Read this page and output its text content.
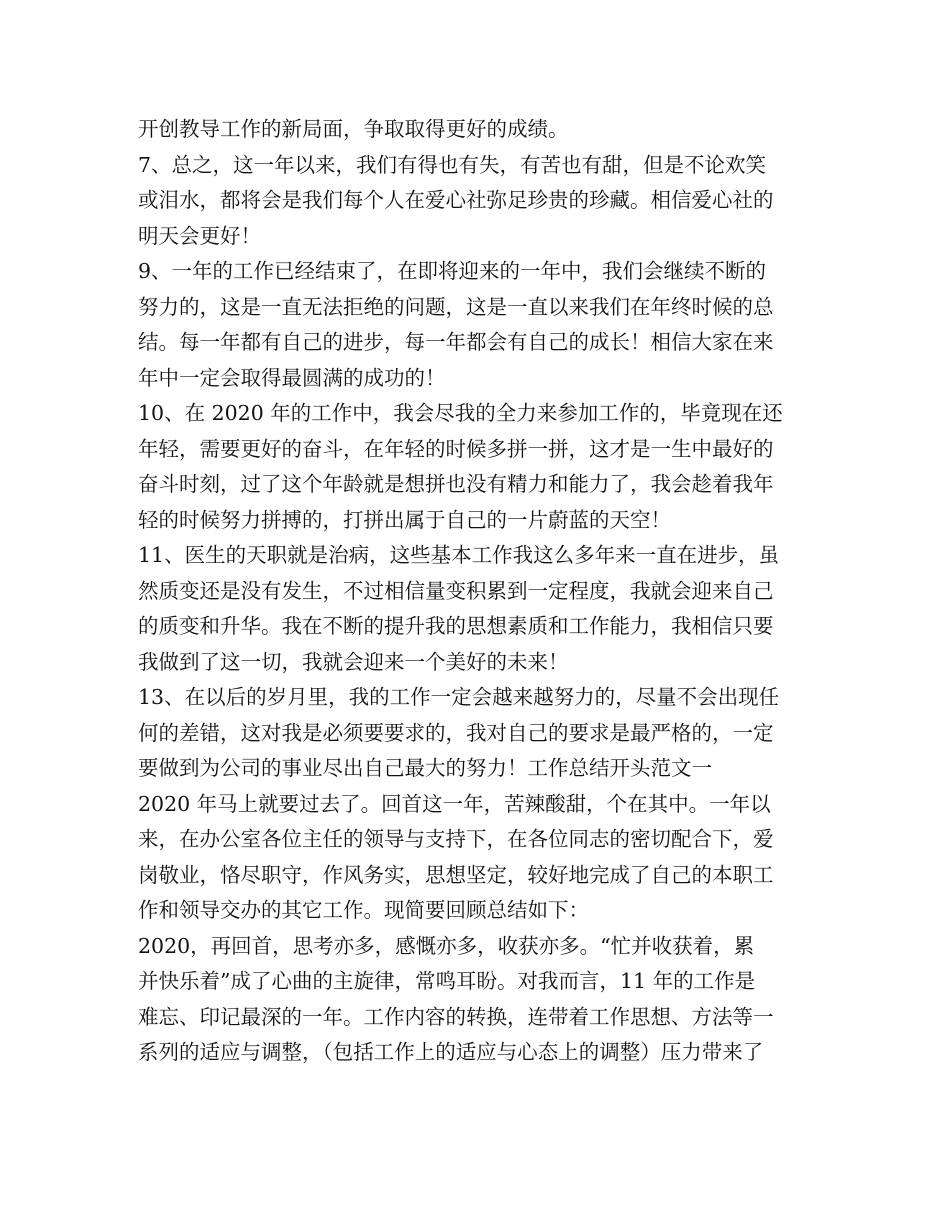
开创教导工作的新局面，争取取得更好的成绩。
7、总之，这一年以来，我们有得也有失，有苦也有甜，但是不论欢笑
或泪水，都将会是我们每个人在爱心社弥足珍贵的珍藏。相信爱心社的
明天会更好！
9、一年的工作已经结束了，在即将迎来的一年中，我们会继续不断的
努力的，这是一直无法拒绝的问题，这是一直以来我们在年终时候的总
结。每一年都有自己的进步，每一年都会有自己的成长！相信大家在来
年中一定会取得最圆满的成功的！
10、在 2020 年的工作中，我会尽我的全力来参加工作的，毕竟现在还
年轻，需要更好的奋斗，在年轻的时候多拼一拼，这才是一生中最好的
奋斗时刻，过了这个年龄就是想拼也没有精力和能力了，我会趁着我年
轻的时候努力拼搏的，打拼出属于自己的一片蔚蓝的天空！
11、医生的天职就是治病，这些基本工作我这么多年来一直在进步，虽
然质变还是没有发生，不过相信量变积累到一定程度，我就会迎来自己
的质变和升华。我在不断的提升我的思想素质和工作能力，我相信只要
我做到了这一切，我就会迎来一个美好的未来！
13、在以后的岁月里，我的工作一定会越来越努力的，尽量不会出现任
何的差错，这对我是必须要要求的，我对自己的要求是最严格的，一定
要做到为公司的事业尽出自己最大的努力！工作总结开头范文一
2020 年马上就要过去了。回首这一年，苦辣酸甜，个在其中。一年以
来，在办公室各位主任的领导与支持下，在各位同志的密切配合下，爱
岗敬业，恪尽职守，作风务实，思想坚定，较好地完成了自己的本职工
作和领导交办的其它工作。现简要回顾总结如下：
2020，再回首，思考亦多，感慨亦多，收获亦多。“忙并收获着，累
并快乐着”成了心曲的主旋律，常鸣耳盼。对我而言，11 年的工作是
难忘、印记最深的一年。工作内容的转换，连带着工作思想、方法等一
系列的适应与调整，（包括工作上的适应与心态上的调整）压力带来了
